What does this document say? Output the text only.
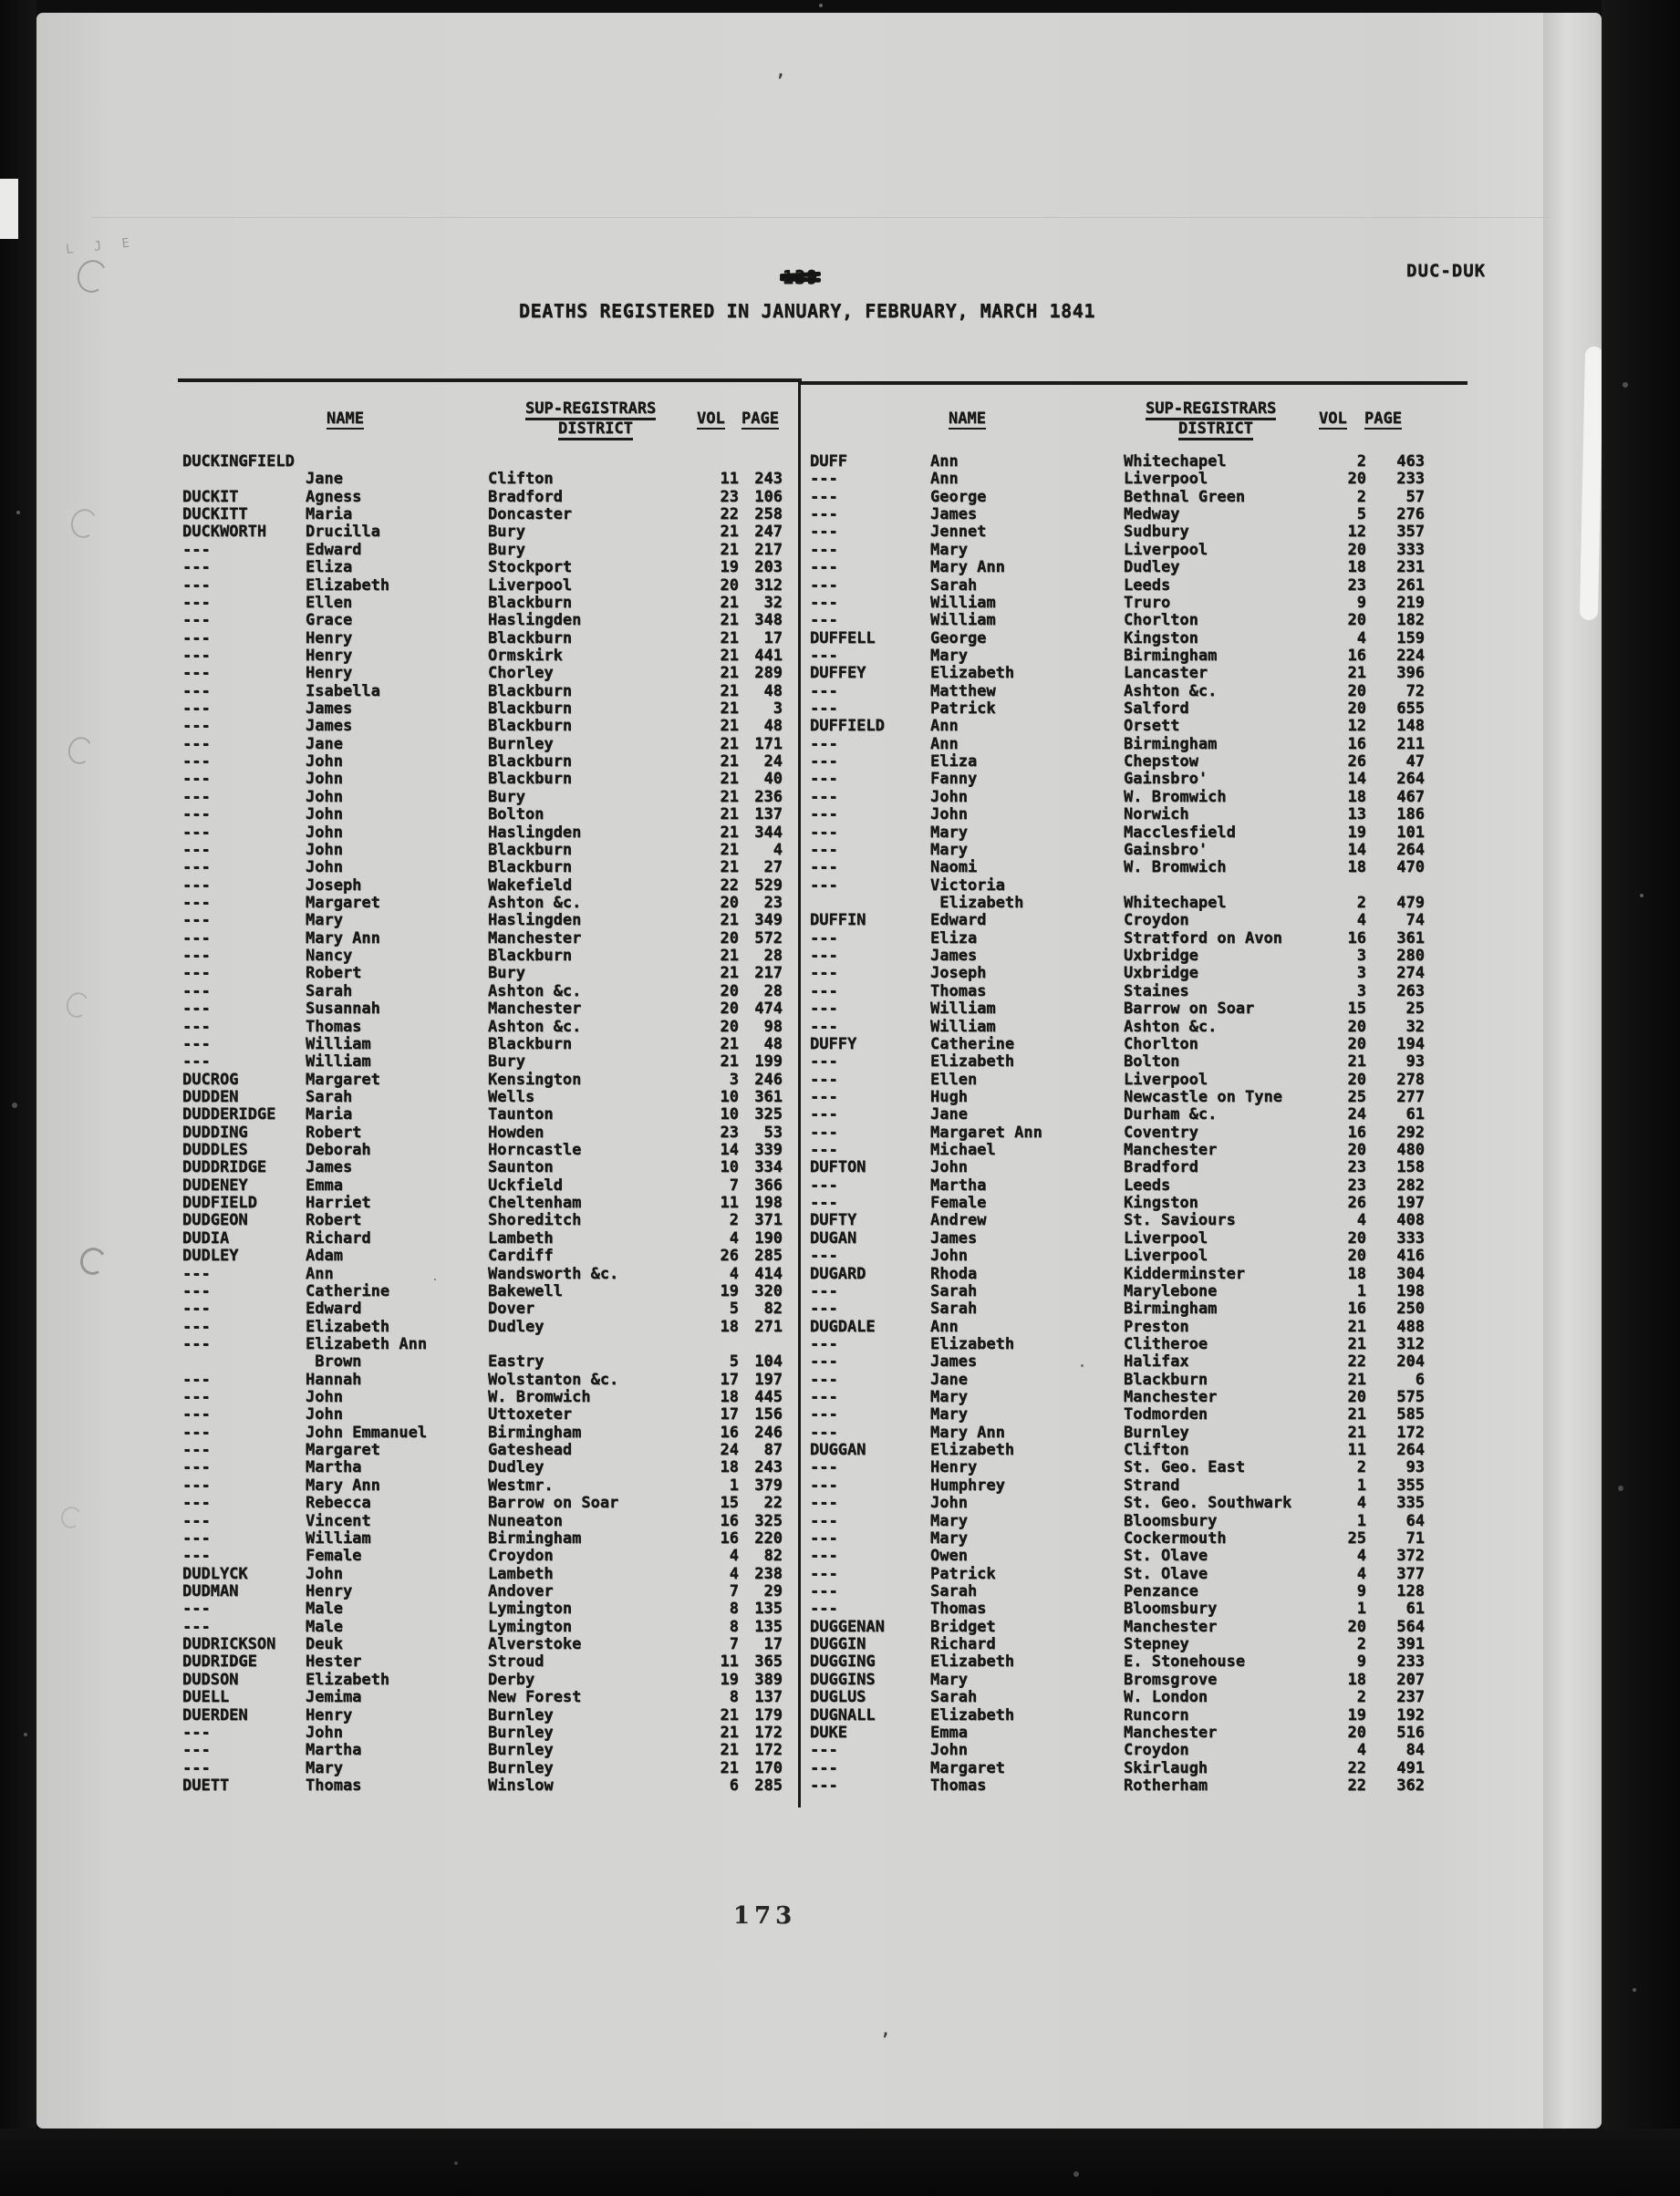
L J E
’
’
DEATHS REGISTERED IN JANUARY, FEBRUARY, MARCH 1841
DUC-DUK
NAME
SUP-REGISTRARS
DISTRICT
VOL PAGE	NAME
SUP-REGISTRARS
DISTRICT
VOL PAGE
DUCKINGFIELD
Jane	Clifton	11	243
DUCKIT	Agness	Bradford	23	106
DUCKITT	Maria	Doncaster	22	258
DUCKWORTH	Drucilla	Bury	21	247
---	Edward	Bury	21	217
---	Eliza	Stockport	19	203
---	Elizabeth	Liverpool	20	312
---	Ellen	Blackburn	21	32
---	Grace	Haslingden	21	348
---	Henry	Blackburn	21	17
---	Henry	Ormskirk	21	441
---	Henry	Chorley	21	289
---	Isabella	Blackburn	21	48
---	James	Blackburn	21	3
---	James	Blackburn	21	48
---	Jane	Burnley	21	171
---	John	Blackburn	21	24
---	John	Blackburn	21	40
---	John	Bury	21	236
---	John	Bolton	21	137
---	John	Haslingden	21	344
---	John	Blackburn	21	4
---	John	Blackburn	21	27
---	Joseph	Wakefield	22	529
---	Margaret	Ashton &c.	20	23
---	Mary	Haslingden	21	349
---	Mary Ann	Manchester	20	572
---	Nancy	Blackburn	21	28
---	Robert	Bury	21	217
---	Sarah	Ashton &c.	20	28
---	Susannah	Manchester	20	474
---	Thomas	Ashton &c.	20	98
---	William	Blackburn	21	48
---	William	Bury	21	199
DUCROG	Margaret	Kensington	3	246
DUDDEN	Sarah	Wells	10	361
DUDDERIDGE	Maria	Taunton	10	325
DUDDING	Robert	Howden	23	53
DUDDLES	Deborah	Horncastle	14	339
DUDDRIDGE	James	Saunton	10	334
DUDENEY	Emma	Uckfield	7	366
DUDFIELD	Harriet	Cheltenham	11	198
DUDGEON	Robert	Shoreditch	2	371
DUDIA	Richard	Lambeth	4	190
DUDLEY	Adam	Cardiff	26	285
---	Ann	Wandsworth &c.	4	414
---	Catherine	Bakewell	19	320
---	Edward	Dover	5	82
---	Elizabeth	Dudley	18	271
---	Elizabeth Ann
Brown	Eastry	5	104
---	Hannah	Wolstanton &c.	17	197
---	John	W. Bromwich	18	445
---	John	Uttoxeter	17	156
---	John Emmanuel	Birmingham	16	246
---	Margaret	Gateshead	24	87
---	Martha	Dudley	18	243
---	Mary Ann	Westmr.	1	379
---	Rebecca	Barrow on Soar	15	22
---	Vincent	Nuneaton	16	325
---	William	Birmingham	16	220
---	Female	Croydon	4	82
DUDLYCK	John	Lambeth	4	238
DUDMAN	Henry	Andover	7	29
---	Male	Lymington	8	135
---	Male	Lymington	8	135
DUDRICKSON	Deuk	Alverstoke	7	17
DUDRIDGE	Hester	Stroud	11	365
DUDSON	Elizabeth	Derby	19	389
DUELL	Jemima	New Forest	8	137
DUERDEN	Henry	Burnley	21	179
---	John	Burnley	21	172
---	Martha	Burnley	21	172
---	Mary	Burnley	21	170
DUETT	Thomas	Winslow	6	285
DUFF	Ann	Whitechapel	2	463
---	Ann	Liverpool	20	233
---	George	Bethnal Green	2	57
---	James	Medway	5	276
---	Jennet	Sudbury	12	357
---	Mary	Liverpool	20	333
---	Mary Ann	Dudley	18	231
---	Sarah	Leeds	23	261
---	William	Truro	9	219
---	William	Chorlton	20	182
DUFFELL	George	Kingston	4	159
---	Mary	Birmingham	16	224
DUFFEY	Elizabeth	Lancaster	21	396
---	Matthew	Ashton &c.	20	72
---	Patrick	Salford	20	655
DUFFIELD	Ann	Orsett	12	148
---	Ann	Birmingham	16	211
---	Eliza	Chepstow	26	47
---	Fanny	Gainsbro'	14	264
---	John	W. Bromwich	18	467
---	John	Norwich	13	186
---	Mary	Macclesfield	19	101
---	Mary	Gainsbro'	14	264
---	Naomi	W. Bromwich	18	470
---	Victoria
Elizabeth	Whitechapel	2	479
DUFFIN	Edward	Croydon	4	74
---	Eliza	Stratford on Avon	16	361
---	James	Uxbridge	3	280
---	Joseph	Uxbridge	3	274
---	Thomas	Staines	3	263
---	William	Barrow on Soar	15	25
---	William	Ashton &c.	20	32
DUFFY	Catherine	Chorlton	20	194
---	Elizabeth	Bolton	21	93
---	Ellen	Liverpool	20	278
---	Hugh	Newcastle on Tyne	25	277
---	Jane	Durham &c.	24	61
---	Margaret Ann	Coventry	16	292
---	Michael	Manchester	20	480
DUFTON	John	Bradford	23	158
---	Martha	Leeds	23	282
---	Female	Kingston	26	197
DUFTY	Andrew	St. Saviours	4	408
DUGAN	James	Liverpool	20	333
---	John	Liverpool	20	416
DUGARD	Rhoda	Kidderminster	18	304
---	Sarah	Marylebone	1	198
---	Sarah	Birmingham	16	250
DUGDALE	Ann	Preston	21	488
---	Elizabeth	Clitheroe	21	312
---	James	Halifax	22	204
---	Jane	Blackburn	21	6
---	Mary	Manchester	20	575
---	Mary	Todmorden	21	585
---	Mary Ann	Burnley	21	172
DUGGAN	Elizabeth	Clifton	11	264
---	Henry	St. Geo. East	2	93
---	Humphrey	Strand	1	355
---	John	St. Geo. Southwark	4	335
---	Mary	Bloomsbury	1	64
---	Mary	Cockermouth	25	71
---	Owen	St. Olave	4	372
---	Patrick	St. Olave	4	377
---	Sarah	Penzance	9	128
---	Thomas	Bloomsbury	1	61
DUGGENAN	Bridget	Manchester	20	564
DUGGIN	Richard	Stepney	2	391
DUGGING	Elizabeth	E. Stonehouse	9	233
DUGGINS	Mary	Bromsgrove	18	207
DUGLUS	Sarah	W. London	2	237
DUGNALL	Elizabeth	Runcorn	19	192
DUKE	Emma	Manchester	20	516
---	John	Croydon	4	84
---	Margaret	Skirlaugh	22	491
---	Thomas	Rotherham	22	362
173
